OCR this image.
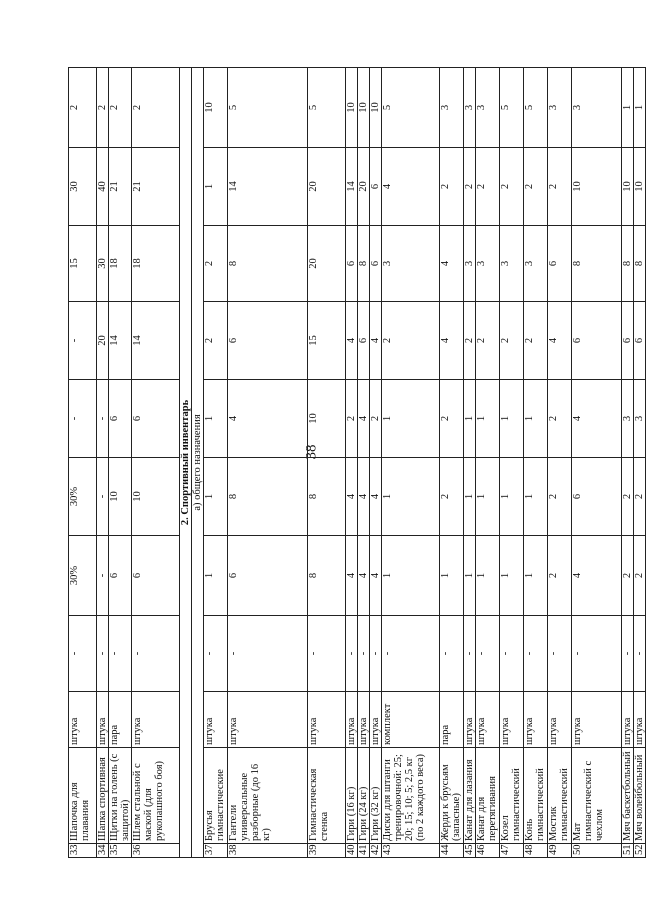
38
33	Шапочка для плавания	штука	-	30%	30%	-	-	15	30	2
34	Шапка спортивная	штука	-	-	-	-	20	30	40	2
35	Щитки на голень (с защитой)	пара	-	6	10	6	14	18	21	2
36	Шлем стальной с маской (для рукопашного боя)	штука	-	6	10	6	14	18	21	2
2. Спортивный инвентарь										
а) общего назначения										
37	Брусья гимнастические	штука	-	1	1	1	2	2	1	10
38	Гантели универсальные разборные (до 16 кг)	штука	-	6	8	4	6	8	14	5
39	Гимнастическая стенка	штука	-	8	8	10	15	20	20	5
40	Гири (16 кг)	штука	-	4	4	2	4	6	14	10
41	Гири (24 кг)	штука	-	4	4	4	6	8	20	10
42	Гири (32 кг)	штука	-	4	4	2	4	6	6	10
43	Диски для штанги тренировочной: 25; 20; 15; 10; 5; 2,5 кг (по 2 каждого веса)	комплект	-	1	1	1	2	3	4	5
44	Жерди к брусьям (запасные)	пара	-	1	2	2	4	4	2	3
45	Канат для лазания	штука	-	1	1	1	2	3	2	3
46	Канат для перетягивания	штука	-	1	1	1	2	3	2	3
47	Козел гимнастический	штука	-	1	1	1	2	3	2	5
48	Конь гимнастический	штука	-	1	1	1	2	3	2	5
49	Мостик гимнастический	штука	-	2	2	2	4	6	2	3
50	Мат гимнастический с чехлом	штука	-	4	6	4	6	8	10	3
51	Мяч баскетбольный	штука	-	2	2	3	6	8	10	1
52	Мяч волейбольный	штука	-	2	2	3	6	8	10	1
